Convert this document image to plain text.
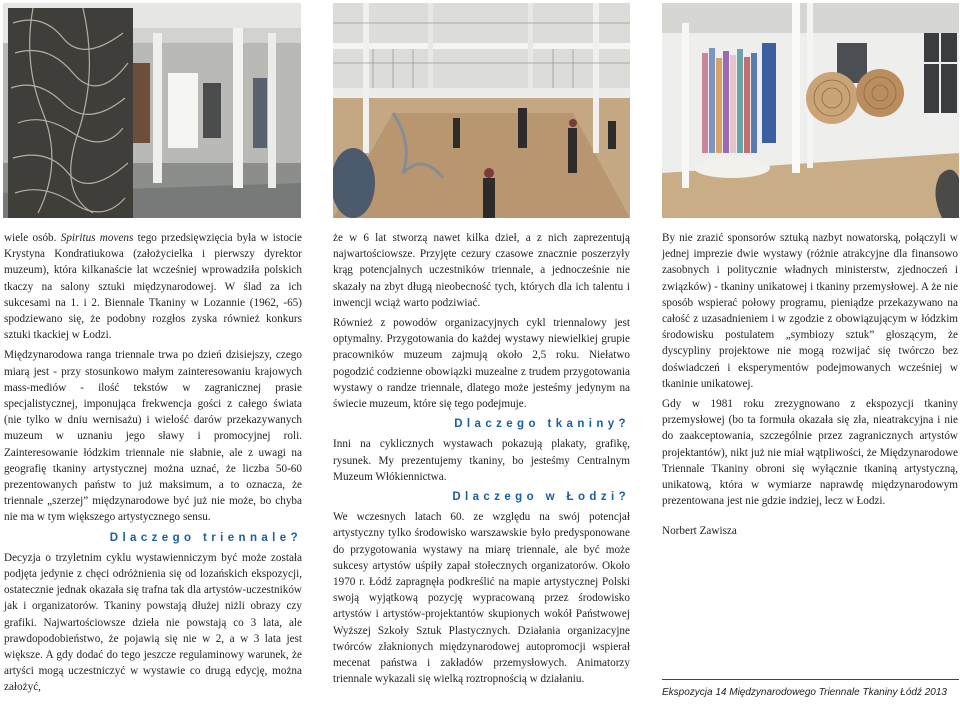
wiele osób. Spiritus movens tego przedsięwzięcia była w istocie Krystyna Kondratiukowa (założycielka i pierwszy dyrektor muzeum), która kilkanaście lat wcześniej wprowadziła polskich tkaczy na salony sztuki międzynarodowej. W ślad za ich sukcesami na 1. i 2. Biennale Tkaniny w Lozannie (1962, -65) spodziewano się, że podobny rozgłos zyska również konkurs sztuki tkackiej w Łodzi.

Międzynarodowa ranga triennale trwa po dzień dzisiejszy, czego miarą jest - przy stosunkowo małym zainteresowaniu krajowych mass-mediów - ilość tekstów w zagranicznej prasie specjalistycznej, imponująca frekwencja gości z całego świata (nie tylko w dniu wernisażu) i wielość darów przekazywanych muzeum w uznaniu jego sławy i promocyjnej roli. Zainteresowanie łódzkim triennale nie słabnie, ale z uwagi na geografię tkaniny artystycznej można uznać, że liczba 50-60 prezentowanych państw to już maksimum, a to oznacza, że triennale „szerzej” międzynarodowe być już nie może, bo chyba nie ma w tym większego artystycznego sensu.

Dlaczego triennale?

Decyzja o trzyletnim cyklu wystawienniczym być może została podjęta jedynie z chęci odróżnienia się od lozańskich ekspozycji, ostatecznie jednak okazała się trafna tak dla artystów-uczestników jak i organizatorów. Tkaniny powstają dłużej niżli obrazy czy grafiki. Najwartościowsze dzieła nie powstają co 3 lata, ale prawdopodobieństwo, że pojawią się nie w 2, a w 3 lata jest większe. A gdy dodać do tego jeszcze regulaminowy warunek, że artyści mogą uczestniczyć w wystawie co drugą edycję, można założyć,

że w 6 lat stworzą nawet kilka dzieł, a z nich zaprezentują najwartościowsze. Przyjęte cezury czasowe znacznie poszerzyły krąg potencjalnych uczestników triennale, a jednocześnie nie skazały na zbyt długą nieobecność tych, których dla ich talentu i inwencji wciąż warto podziwiać.

Również z powodów organizacyjnych cykl triennalowy jest optymalny. Przygotowania do każdej wystawy niewielkiej grupie pracowników muzeum zajmują około 2,5 roku. Niełatwo pogodzić codzienne obowiązki muzealne z trudem przygotowania wystawy o randze triennale, dlatego może jesteśmy jedynym na świecie muzeum, które się tego podejmuje.

Dlaczego tkaniny?

Inni na cyklicznych wystawach pokazują plakaty, grafikę, rysunek. My prezentujemy tkaniny, bo jesteśmy Centralnym Muzeum Włókiennictwa.

Dlaczego w Łodzi?

We wczesnych latach 60. ze względu na swój potencjał artystyczny tylko środowisko warszawskie było predysponowane do przygotowania wystawy na miarę triennale, ale być może sukcesy artystów uśpiły zapał stołecznych organizatorów. Około 1970 r. Łódź zapragnęła podkreślić na mapie artystycznej Polski swoją wyjątkową pozycję wypracowaną przez środowisko artystów i artystów-projektantów skupionych wokół Państwowej Wyższej Szkoły Sztuk Plastycznych. Działania organizacyjne twórców złaknionych międzynarodowej autopromocji wspierał mecenat państwa i zakładów przemysłowych. Animatorzy triennale wykazali się wielką roztropnością w działaniu.

By nie zrazić sponsorów sztuką nazbyt nowatorską, połączyli w jednej imprezie dwie wystawy (różnie atrakcyjne dla finansowo zasobnych i politycznie władnych ministerstw, zjednoczeń i związków) - tkaniny unikatowej i tkaniny przemysłowej. A że nie sposób wspierać połowy programu, pieniądze przekazywano na całość z uzasadnieniem i w zgodzie z obowiązującym w łódzkim środowisku postulatem „symbiozy sztuk” głoszącym, że dyscypliny projektowe nie mogą rozwijać się twórczo bez doświadczeń i eksperymentów podejmowanych wcześniej w tkaninie unikatowej.

Gdy w 1981 roku zrezygnowano z ekspozycji tkaniny przemysłowej (bo ta formuła okazała się zła, nieatrakcyjna i nie do zaakceptowania, szczególnie przez zagranicznych artystów projektantów), nikt już nie miał wątpliwości, że Międzynarodowe Triennale Tkaniny obroni się wyłącznie tkaniną artystyczną, unikatową, która w wymiarze naprawdę międzynarodowym prezentowana jest nie gdzie indziej, lecz w Łodzi.

Norbert Zawisza

Ekspozycja 14 Międzynarodowego Triennale Tkaniny Łódź 2013
